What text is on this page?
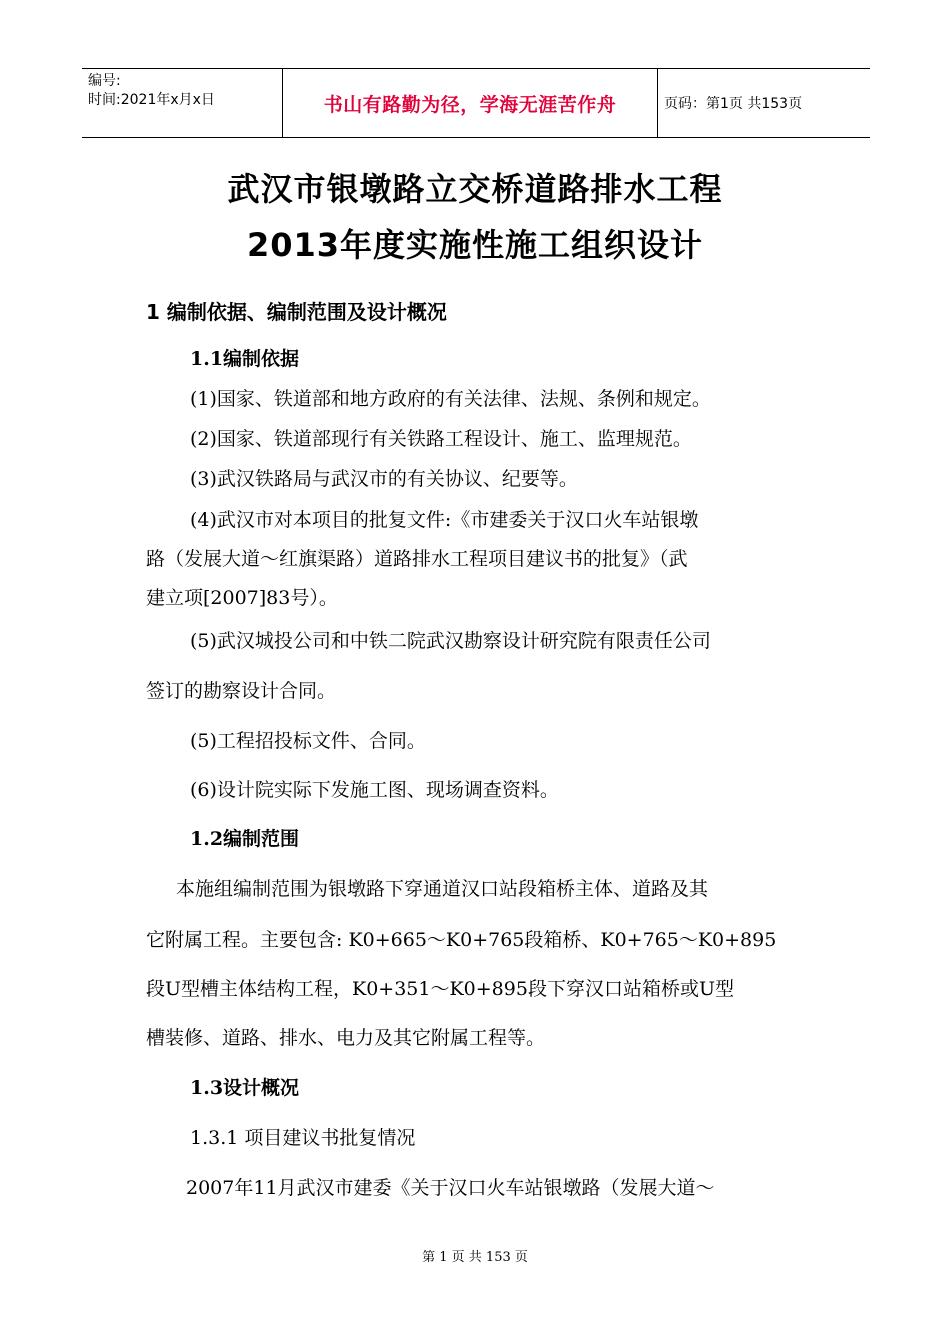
编号:
时间:2021年x月x日	书山有路勤为径，学海无涯苦作舟	页码：第1页 共153页
武汉市银墩路立交桥道路排水工程
2013年度实施性施工组织设计
1 编制依据、编制范围及设计概况
1.1编制依据
(1)国家、铁道部和地方政府的有关法律、法规、条例和规定。
(2)国家、铁道部现行有关铁路工程设计、施工、监理规范。
(3)武汉铁路局与武汉市的有关协议、纪要等。
(4)武汉市对本项目的批复文件:《市建委关于汉口火车站银墩
路（发展大道～红旗渠路）道路排水工程项目建议书的批复》（武
建立项[2007]83号）。
(5)武汉城投公司和中铁二院武汉勘察设计研究院有限责任公司
签订的勘察设计合同。
(5)工程招投标文件、合同。
(6)设计院实际下发施工图、现场调查资料。
1.2编制范围
本施组编制范围为银墩路下穿通道汉口站段箱桥主体、道路及其
它附属工程。主要包含: K0+665～K0+765段箱桥、K0+765～K0+895
段U型槽主体结构工程，K0+351～K0+895段下穿汉口站箱桥或U型
槽装修、道路、排水、电力及其它附属工程等。
1.3设计概况
1.3.1 项目建议书批复情况
2007年11月武汉市建委《关于汉口火车站银墩路（发展大道～
第 1 页 共 153 页
